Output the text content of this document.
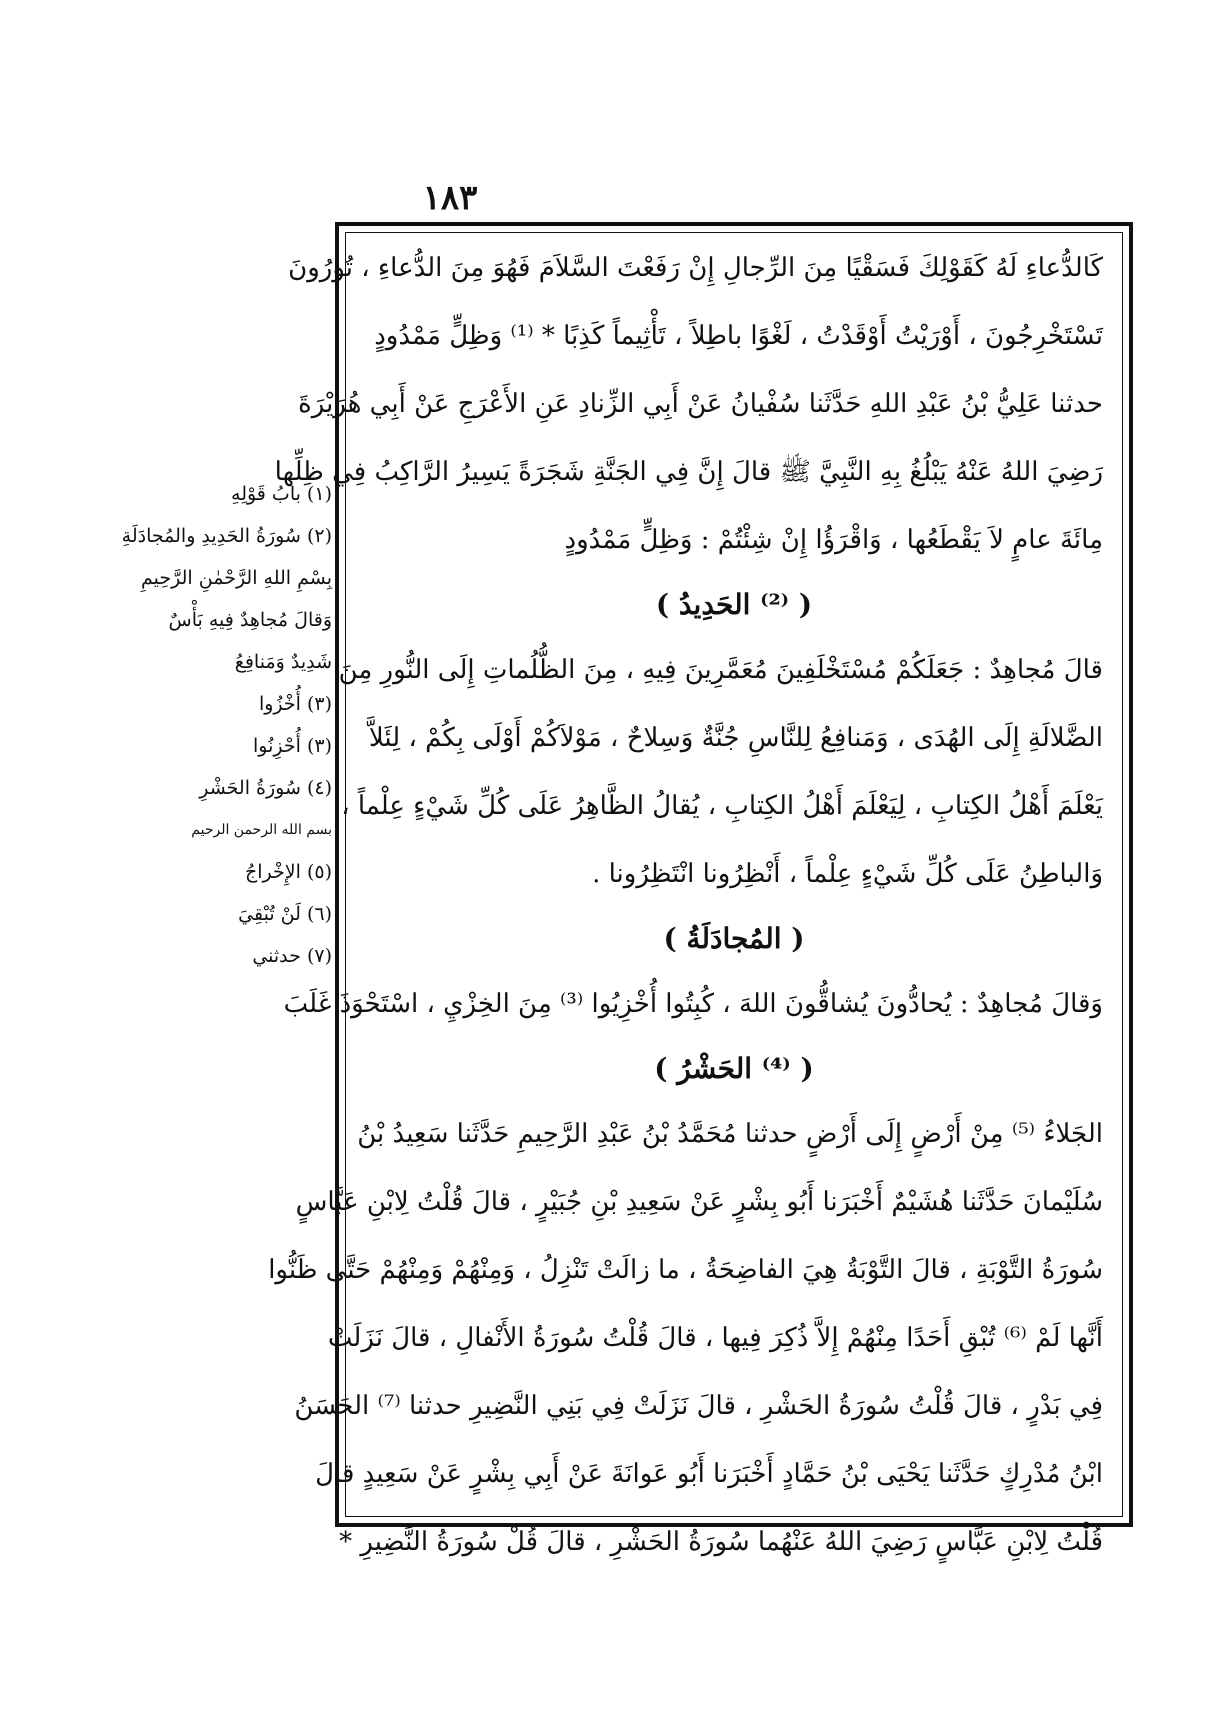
١٨٣
كَالدُّعاءِ لَهُ كَقَوْلِكَ فَسَقْيًا مِنَ الرِّجالِ إِنْ رَفَعْتَ السَّلاَمَ فَهُوَ مِنَ الدُّعاءِ ، تُورُونَ
تَسْتَخْرِجُونَ ، أَوْرَيْتُ أَوْقَدْتُ ، لَغْوًا باطِلاً ، تَأْثِيماً كَذِبًا * ⁽¹⁾ وَظِلٍّ مَمْدُودٍ
حدثنا عَلِيُّ بْنُ عَبْدِ اللهِ حَدَّثَنا سُفْيانُ عَنْ أَبِي الزِّنادِ عَنِ الأَعْرَجِ عَنْ أَبِي هُرَيْرَةَ
رَضِيَ اللهُ عَنْهُ يَبْلُغُ بِهِ النَّبِيَّ ﷺ قالَ إِنَّ فِي الجَنَّةِ شَجَرَةً يَسِيرُ الرَّاكِبُ فِي ظِلِّها
مِائَةَ عامٍ لاَ يَقْطَعُها ، وَاقْرَؤُا إِنْ شِئْتُمْ : وَظِلٍّ مَمْدُودٍ
( ⁽²⁾ الحَدِيدُ )
قالَ مُجاهِدٌ : جَعَلَكُمْ مُسْتَخْلَفِينَ مُعَمَّرِينَ فِيهِ ، مِنَ الظُّلُماتِ إِلَى النُّورِ مِنَ
الضَّلالَةِ إِلَى الهُدَى ، وَمَنافِعُ لِلنَّاسِ جُنَّةٌ وَسِلاحٌ ، مَوْلاَكُمْ أَوْلَى بِكُمْ ، لِئَلاَّ
يَعْلَمَ أَهْلُ الكِتابِ ، لِيَعْلَمَ أَهْلُ الكِتابِ ، يُقالُ الظَّاهِرُ عَلَى كُلِّ شَيْءٍ عِلْماً ،
وَالباطِنُ عَلَى كُلِّ شَيْءٍ عِلْماً ، أَنْظِرُونا انْتَظِرُونا .
( المُجادَلَةُ )
وَقالَ مُجاهِدٌ : يُحادُّونَ يُشاقُّونَ اللهَ ، كُبِتُوا أُخْزِيُوا ⁽³⁾ مِنَ الخِزْيِ ، اسْتَحْوَذَ غَلَبَ
( ⁽⁴⁾ الحَشْرُ )
الجَلاءُ ⁽⁵⁾ مِنْ أَرْضٍ إِلَى أَرْضٍ حدثنا مُحَمَّدُ بْنُ عَبْدِ الرَّحِيمِ حَدَّثَنا سَعِيدُ بْنُ
سُلَيْمانَ حَدَّثَنا هُشَيْمٌ أَخْبَرَنا أَبُو بِشْرٍ عَنْ سَعِيدِ بْنِ جُبَيْرٍ ، قالَ قُلْتُ لِابْنِ عَبَّاسٍ
سُورَةُ التَّوْبَةِ ، قالَ التَّوْبَةُ هِيَ الفاضِحَةُ ، ما زالَتْ تَنْزِلُ ، وَمِنْهُمْ وَمِنْهُمْ حَتَّى ظَنُّوا
أَنَّها لَمْ ⁽⁶⁾ تُبْقِ أَحَدًا مِنْهُمْ إِلاَّ ذُكِرَ فِيها ، قالَ قُلْتُ سُورَةُ الأَنْفالِ ، قالَ نَزَلَتْ
فِي بَدْرٍ ، قالَ قُلْتُ سُورَةُ الحَشْرِ ، قالَ نَزَلَتْ فِي بَنِي النَّضِيرِ حدثنا ⁽⁷⁾ الحَسَنُ
ابْنُ مُدْرِكٍ حَدَّثَنا يَحْيَى بْنُ حَمَّادٍ أَخْبَرَنا أَبُو عَوانَةَ عَنْ أَبِي بِشْرٍ عَنْ سَعِيدٍ قالَ
قُلْتُ لِابْنِ عَبَّاسٍ رَضِيَ اللهُ عَنْهُما سُورَةُ الحَشْرِ ، قالَ قُلْ سُورَةُ النَّضِيرِ *
(١) بابُ قَوْلِهِ
(٢) سُورَةُ الحَدِيدِ والمُجادَلَةِ
بِسْمِ اللهِ الرَّحْمٰنِ الرَّحِيمِ
وَقالَ مُجاهِدٌ فِيهِ بَأْسٌ
شَدِيدٌ وَمَنافِعُ
(٣) أُخْزُوا
(٣) أُحْزِنُوا
(٤) سُورَةُ الحَشْرِ
بسم الله الرحمن الرحيم
(٥) الإِخْراجُ
(٦) لَنْ تُبْقِيَ
(٧) حدثني
